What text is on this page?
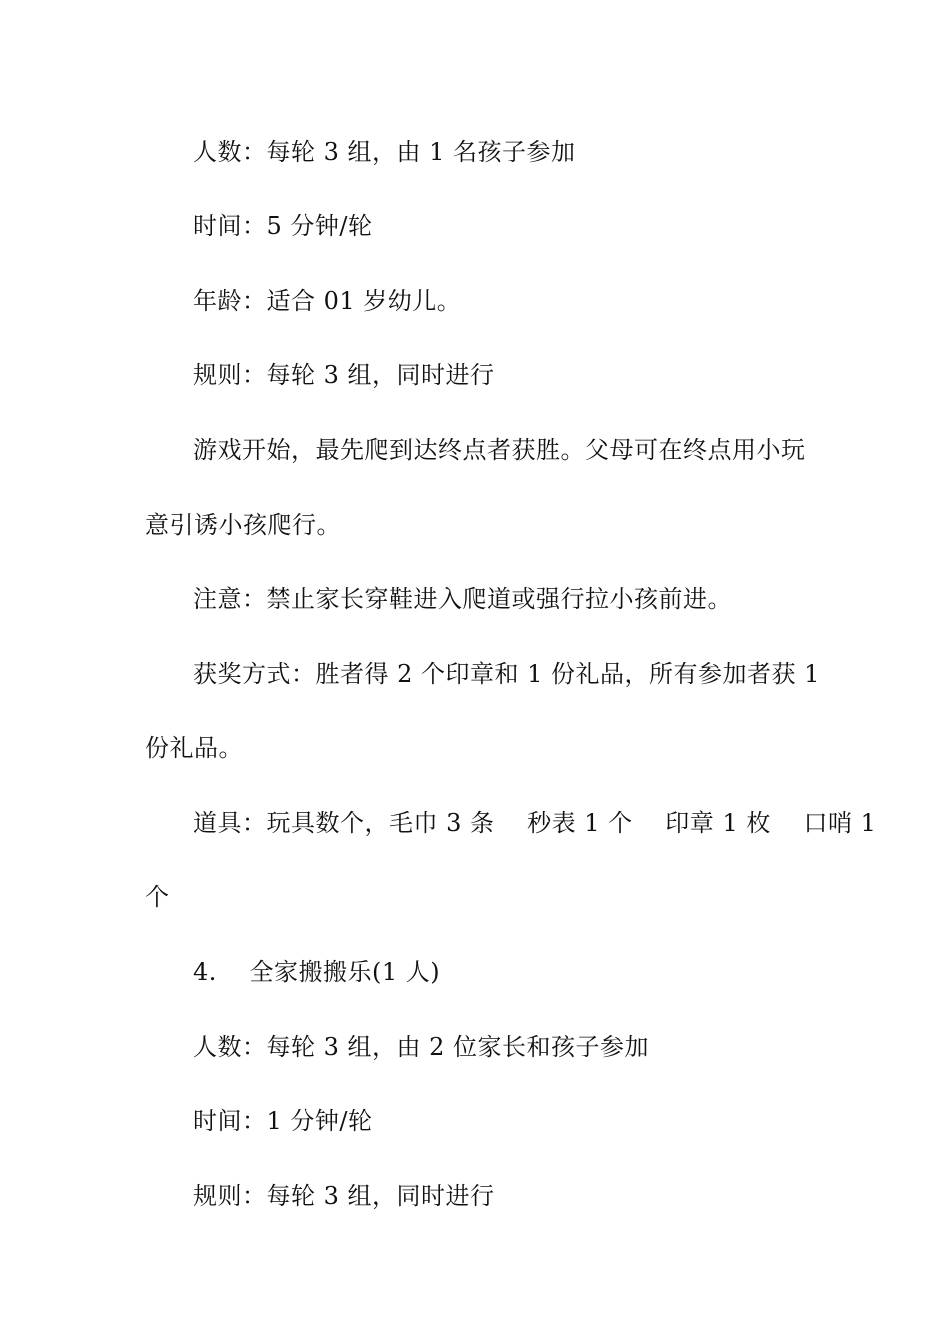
人数：每轮 3 组，由 1 名孩子参加
时间：5 分钟/轮
年龄：适合 01 岁幼儿。
规则：每轮 3 组，同时进行
游戏开始，最先爬到达终点者获胜。父母可在终点用小玩
意引诱小孩爬行。
注意：禁止家长穿鞋进入爬道或强行拉小孩前进。
获奖方式：胜者得 2 个印章和 1 份礼品，所有参加者获 1
份礼品。
道具：玩具数个，毛巾 3 条　 秒表 1 个　 印章 1 枚　 口哨 1
个
4.　 全家搬搬乐(1 人)
人数：每轮 3 组，由 2 位家长和孩子参加
时间：1 分钟/轮
规则：每轮 3 组，同时进行
